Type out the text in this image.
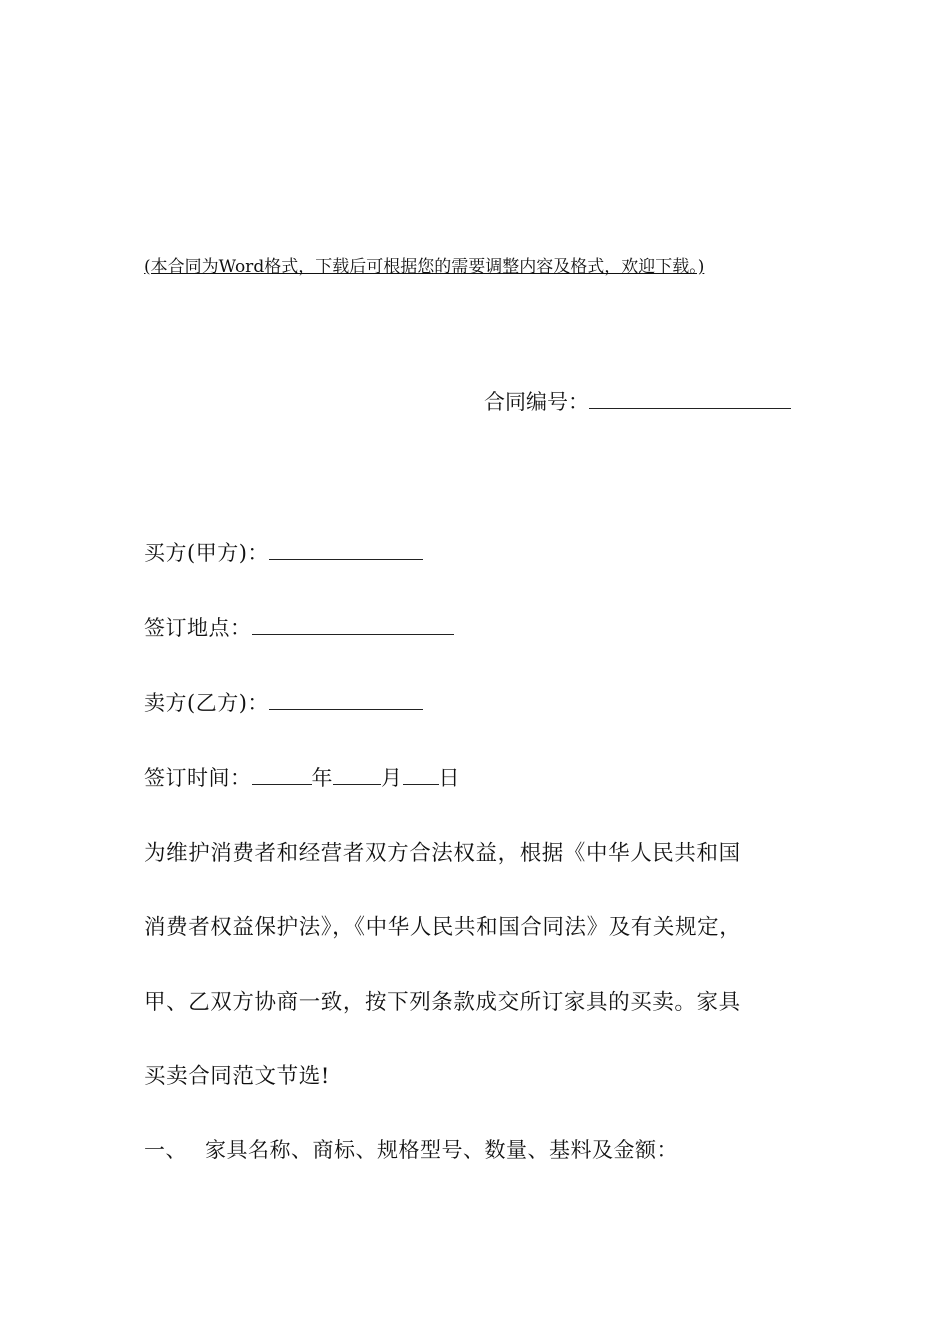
(本合同为Word格式，下载后可根据您的需要调整内容及格式，欢迎下载。)
合同编号：
买方(甲方)：
签订地点：
卖方(乙方)：
签订时间：	年 月 日
为维护消费者和经营者双方合法权益，根据《中华人民共和国
消费者权益保护法》，《中华人民共和国合同法》及有关规定，
甲、乙双方协商一致，按下列条款成交所订家具的买卖。家具
买卖合同范文节选!
一、 家具名称、商标、规格型号、数量、基料及金额：
